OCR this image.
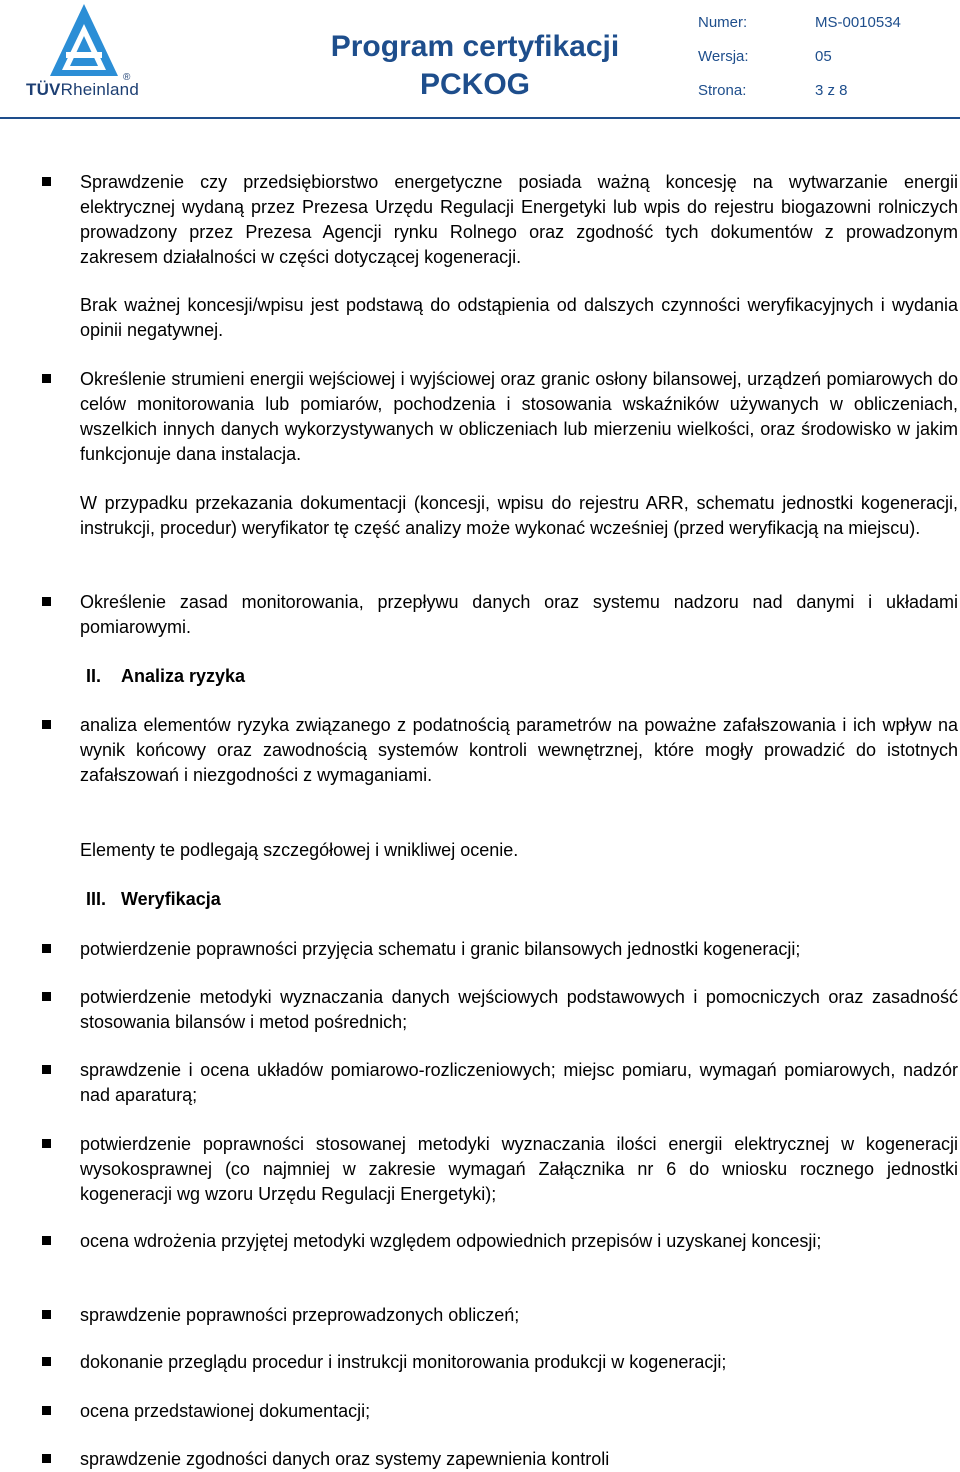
®
TÜVRheinland
Program certyfikacji
PCKOG
Numer:	MS-0010534
Wersja:	05
Strona:	3 z 8
Sprawdzenie czy przedsiębiorstwo energetyczne posiada ważną koncesję na wytwarzanie energii elektrycznej wydaną przez Prezesa Urzędu Regulacji Energetyki lub wpis do rejestru biogazowni rolniczych prowadzony przez Prezesa Agencji rynku Rolnego oraz zgodność tych dokumentów z prowadzonym zakresem działalności w części dotyczącej kogeneracji.
Brak ważnej koncesji/wpisu jest podstawą do odstąpienia od dalszych czynności weryfikacyjnych i wydania opinii negatywnej.
Określenie strumieni energii wejściowej i wyjściowej oraz granic osłony bilansowej, urządzeń pomiarowych do celów monitorowania lub pomiarów, pochodzenia i stosowania wskaźników używanych w obliczeniach, wszelkich innych danych wykorzystywanych w obliczeniach lub mierzeniu wielkości, oraz środowisko w jakim funkcjonuje dana instalacja.
W przypadku przekazania dokumentacji (koncesji, wpisu do rejestru ARR, schematu jednostki kogeneracji, instrukcji, procedur) weryfikator tę część analizy może wykonać wcześniej (przed weryfikacją na miejscu).
Określenie zasad monitorowania, przepływu danych oraz systemu nadzoru nad danymi i układami pomiarowymi.
II. Analiza ryzyka
analiza elementów ryzyka związanego z podatnością parametrów na poważne zafałszowania i ich wpływ na wynik końcowy oraz zawodnością systemów kontroli wewnętrznej, które mogły prowadzić do istotnych zafałszowań i niezgodności z wymaganiami.
Elementy te podlegają szczegółowej i wnikliwej ocenie.
III. Weryfikacja
potwierdzenie poprawności przyjęcia schematu i granic bilansowych jednostki kogeneracji;
potwierdzenie metodyki wyznaczania danych wejściowych podstawowych i pomocniczych oraz zasadność stosowania bilansów i metod pośrednich;
sprawdzenie i ocena układów pomiarowo-rozliczeniowych; miejsc pomiaru, wymagań pomiarowych, nadzór nad aparaturą;
potwierdzenie poprawności stosowanej metodyki wyznaczania ilości energii elektrycznej w kogeneracji wysokosprawnej (co najmniej w zakresie wymagań Załącznika nr 6 do wniosku rocznego jednostki kogeneracji wg wzoru Urzędu Regulacji Energetyki);
ocena wdrożenia przyjętej metodyki względem odpowiednich przepisów i uzyskanej koncesji;
sprawdzenie poprawności przeprowadzonych obliczeń;
dokonanie przeglądu procedur i instrukcji monitorowania produkcji w kogeneracji;
ocena przedstawionej dokumentacji;
sprawdzenie zgodności danych oraz systemy zapewnienia kontroli
